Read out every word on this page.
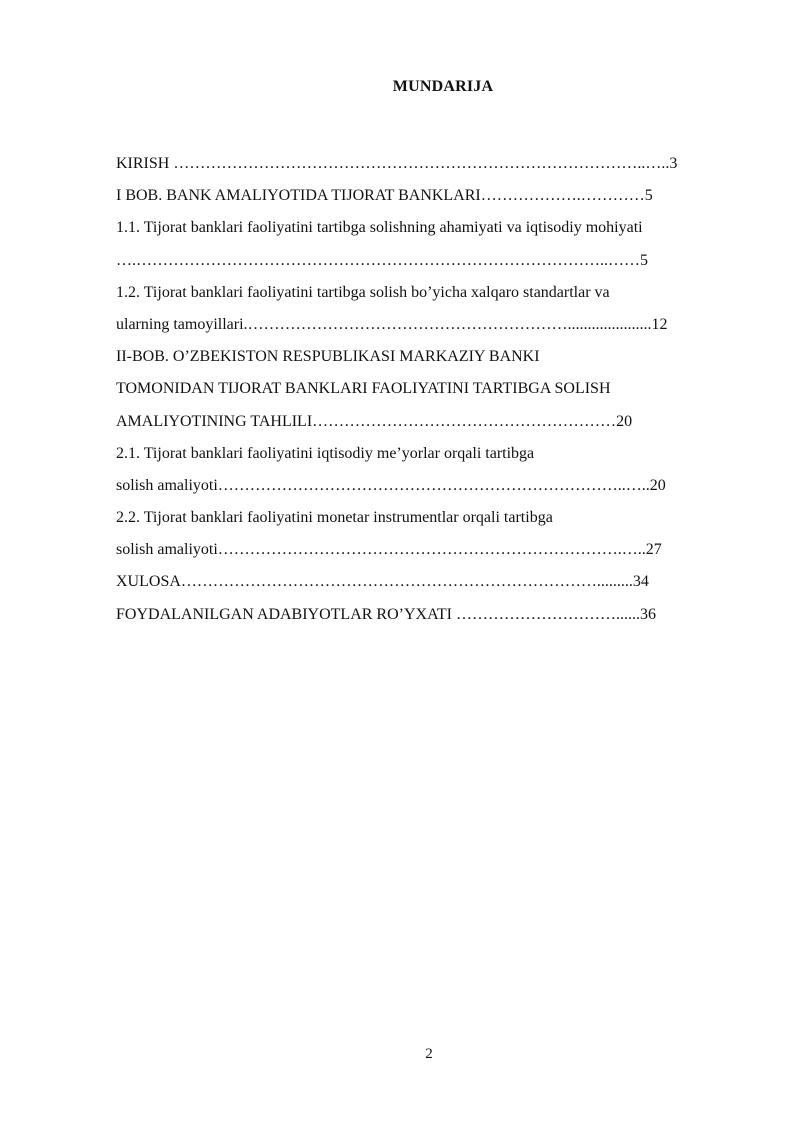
MUNDARIJA
KIRISH ……………………………………………………………………………..…..3
I BOB. BANK AMALIYOTIDA TIJORAT BANKLARI……………….…………5
1.1. Tijorat banklari faoliyatini tartibga solishning ahamiyati va iqtisodiy mohiyati
….……………………………………………………………………………..……5
1.2. Tijorat banklari faoliyatini tartibga solish bo’yicha xalqaro standartlar va
ularning tamoyillari.…………………………………………………….....................12
II-BOB. O’ZBEKISTON RESPUBLIKASI MARKAZIY BANKI
TOMONIDAN TIJORAT BANKLARI FAOLIYATINI TARTIBGA SOLISH
AMALIYOTINING TAHLILI…………………………………………………20
2.1. Tijorat banklari faoliyatini iqtisodiy me’yorlar orqali tartibga
solish amaliyoti…………………………………………………………………..…..20
2.2. Tijorat banklari faoliyatini monetar instrumentlar orqali tartibga
solish amaliyoti………………………………………………………………….…..27
XULOSA…………………………………………………………………….........34
FOYDALANILGAN ADABIYOTLAR RO’YXATI …………………………......36
2
